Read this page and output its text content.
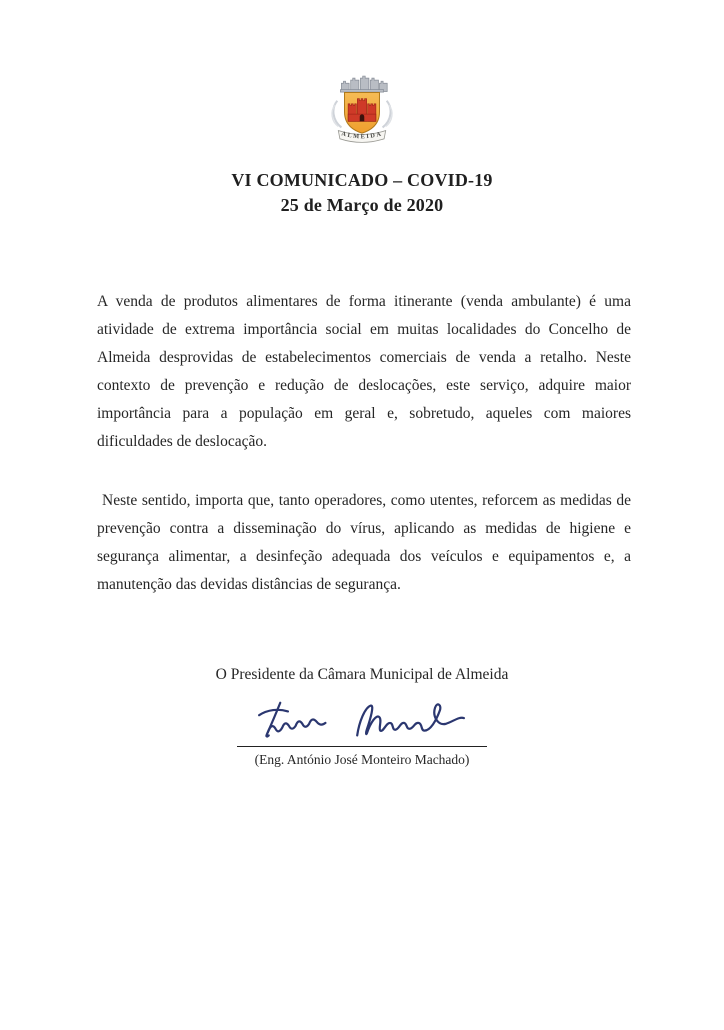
ALMEIDA
VI COMUNICADO – COVID-19
25 de Março de 2020

A venda de produtos alimentares de forma itinerante (venda ambulante) é uma atividade de extrema importância social em muitas localidades do Concelho de Almeida desprovidas de estabelecimentos comerciais de venda a retalho. Neste contexto de prevenção e redução de deslocações, este serviço, adquire maior importância para a população em geral e, sobretudo, aqueles com maiores dificuldades de deslocação.

Neste sentido, importa que, tanto operadores, como utentes, reforcem as medidas de prevenção contra a disseminação do vírus, aplicando as medidas de higiene e segurança alimentar, a desinfeção adequada dos veículos e equipamentos e, a manutenção das devidas distâncias de segurança.

O Presidente da Câmara Municipal de Almeida
(Eng. António José Monteiro Machado)
